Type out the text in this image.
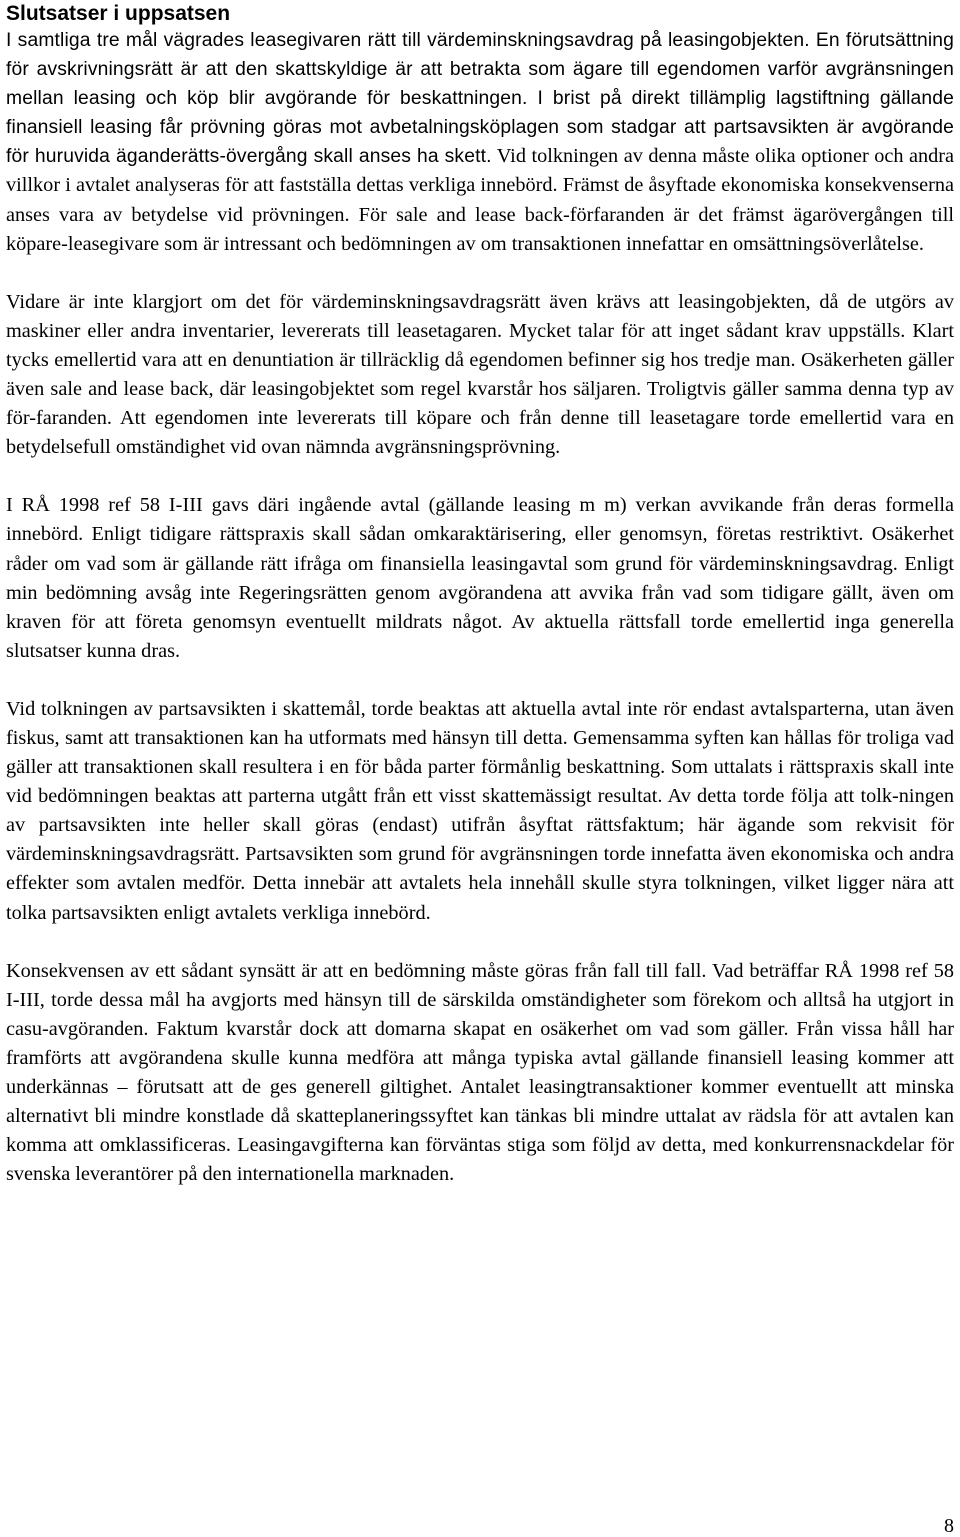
Slutsatser i uppsatsen

I samtliga tre mål vägrades leasegivaren rätt till värdeminskningsavdrag på leasingobjekten. En förutsättning för avskrivningsrätt är att den skattskyldige är att betrakta som ägare till egendomen varför avgränsningen mellan leasing och köp blir avgörande för beskattningen. I brist på direkt tillämplig lagstiftning gällande finansiell leasing får prövning göras mot avbetalningsköplagen som stadgar att partsavsikten är avgörande för huruvida äganderätts-övergång skall anses ha skett. Vid tolkningen av denna måste olika optioner och andra villkor i avtalet analyseras för att fastställa dettas verkliga innebörd. Främst de åsyftade ekonomiska konsekvenserna anses vara av betydelse vid prövningen. För sale and lease back-förfaranden är det främst ägarövergången till köpare-leasegivare som är intressant och bedömningen av om transaktionen innefattar en omsättningsöverlåtelse.

Vidare är inte klargjort om det för värdeminskningsavdragsrätt även krävs att leasingobjekten, då de utgörs av maskiner eller andra inventarier, levererats till leasetagaren. Mycket talar för att inget sådant krav uppställs. Klart tycks emellertid vara att en denuntiation är tillräcklig då egendomen befinner sig hos tredje man. Osäkerheten gäller även sale and lease back, där leasingobjektet som regel kvarstår hos säljaren. Troligtvis gäller samma denna typ av för-faranden. Att egendomen inte levererats till köpare och från denne till leasetagare torde emellertid vara en betydelsefull omständighet vid ovan nämnda avgränsningsprövning.

I RÅ 1998 ref 58 I-III gavs däri ingående avtal (gällande leasing m m) verkan avvikande från deras formella innebörd. Enligt tidigare rättspraxis skall sådan omkaraktärisering, eller genomsyn, företas restriktivt. Osäkerhet råder om vad som är gällande rätt ifråga om finansiella leasingavtal som grund för värdeminskningsavdrag. Enligt min bedömning avsåg inte Regeringsrätten genom avgörandena att avvika från vad som tidigare gällt, även om kraven för att företa genomsyn eventuellt mildrats något. Av aktuella rättsfall torde emellertid inga generella slutsatser kunna dras.

Vid tolkningen av partsavsikten i skattemål, torde beaktas att aktuella avtal inte rör endast avtalsparterna, utan även fiskus, samt att transaktionen kan ha utformats med hänsyn till detta. Gemensamma syften kan hållas för troliga vad gäller att transaktionen skall resultera i en för båda parter förmånlig beskattning. Som uttalats i rättspraxis skall inte vid bedömningen beaktas att parterna utgått från ett visst skattemässigt resultat. Av detta torde följa att tolk-ningen av partsavsikten inte heller skall göras (endast) utifrån åsyftat rättsfaktum; här ägande som rekvisit för värdeminskningsavdragsrätt. Partsavsikten som grund för avgränsningen torde innefatta även ekonomiska och andra effekter som avtalen medför. Detta innebär att avtalets hela innehåll skulle styra tolkningen, vilket ligger nära att tolka partsavsikten enligt avtalets verkliga innebörd.

Konsekvensen av ett sådant synsätt är att en bedömning måste göras från fall till fall. Vad beträffar RÅ 1998 ref 58 I-III, torde dessa mål ha avgjorts med hänsyn till de särskilda omständigheter som förekom och alltså ha utgjort in casu-avgöranden. Faktum kvarstår dock att domarna skapat en osäkerhet om vad som gäller. Från vissa håll har framförts att avgörandena skulle kunna medföra att många typiska avtal gällande finansiell leasing kommer att underkännas – förutsatt att de ges generell giltighet. Antalet leasingtransaktioner kommer eventuellt att minska alternativt bli mindre konstlade då skatteplaneringssyftet kan tänkas bli mindre uttalat av rädsla för att avtalen kan komma att omklassificeras. Leasingavgifterna kan förväntas stiga som följd av detta, med konkurrensnackdelar för svenska leverantörer på den internationella marknaden.

8
